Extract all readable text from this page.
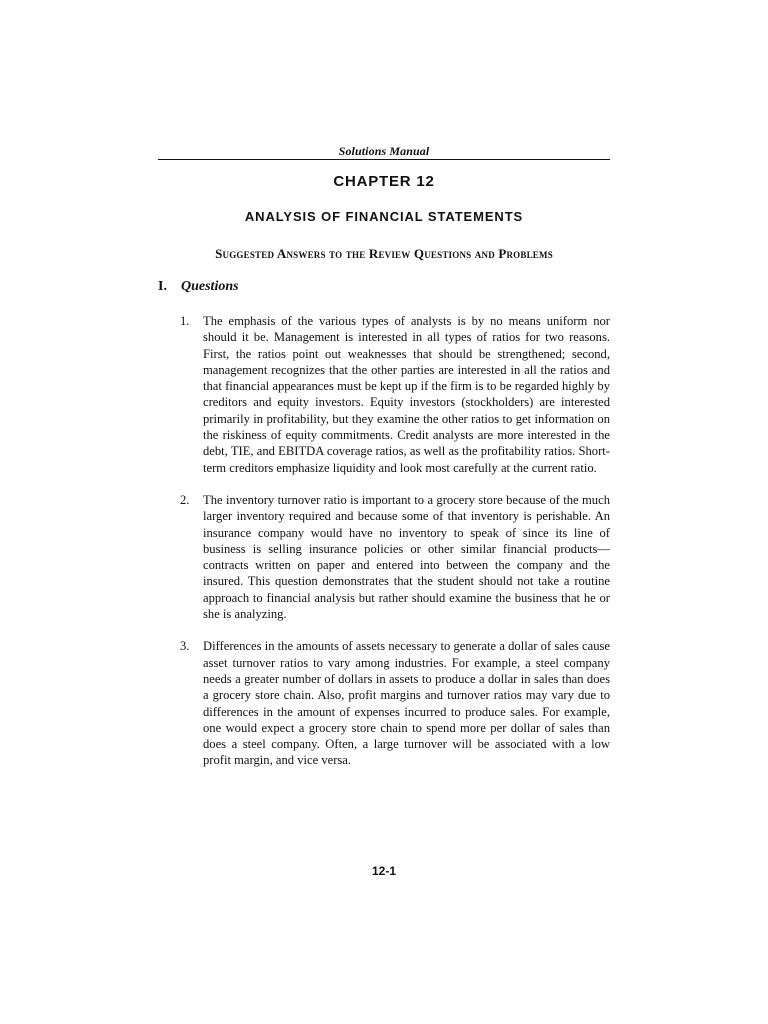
Solutions Manual
CHAPTER 12
ANALYSIS OF FINANCIAL STATEMENTS
Suggested Answers to the Review Questions and Problems
I. Questions
1. The emphasis of the various types of analysts is by no means uniform nor should it be. Management is interested in all types of ratios for two reasons. First, the ratios point out weaknesses that should be strengthened; second, management recognizes that the other parties are interested in all the ratios and that financial appearances must be kept up if the firm is to be regarded highly by creditors and equity investors. Equity investors (stockholders) are interested primarily in profitability, but they examine the other ratios to get information on the riskiness of equity commitments. Credit analysts are more interested in the debt, TIE, and EBITDA coverage ratios, as well as the profitability ratios. Short-term creditors emphasize liquidity and look most carefully at the current ratio.
2. The inventory turnover ratio is important to a grocery store because of the much larger inventory required and because some of that inventory is perishable. An insurance company would have no inventory to speak of since its line of business is selling insurance policies or other similar financial products—contracts written on paper and entered into between the company and the insured. This question demonstrates that the student should not take a routine approach to financial analysis but rather should examine the business that he or she is analyzing.
3. Differences in the amounts of assets necessary to generate a dollar of sales cause asset turnover ratios to vary among industries. For example, a steel company needs a greater number of dollars in assets to produce a dollar in sales than does a grocery store chain. Also, profit margins and turnover ratios may vary due to differences in the amount of expenses incurred to produce sales. For example, one would expect a grocery store chain to spend more per dollar of sales than does a steel company. Often, a large turnover will be associated with a low profit margin, and vice versa.
12-1
